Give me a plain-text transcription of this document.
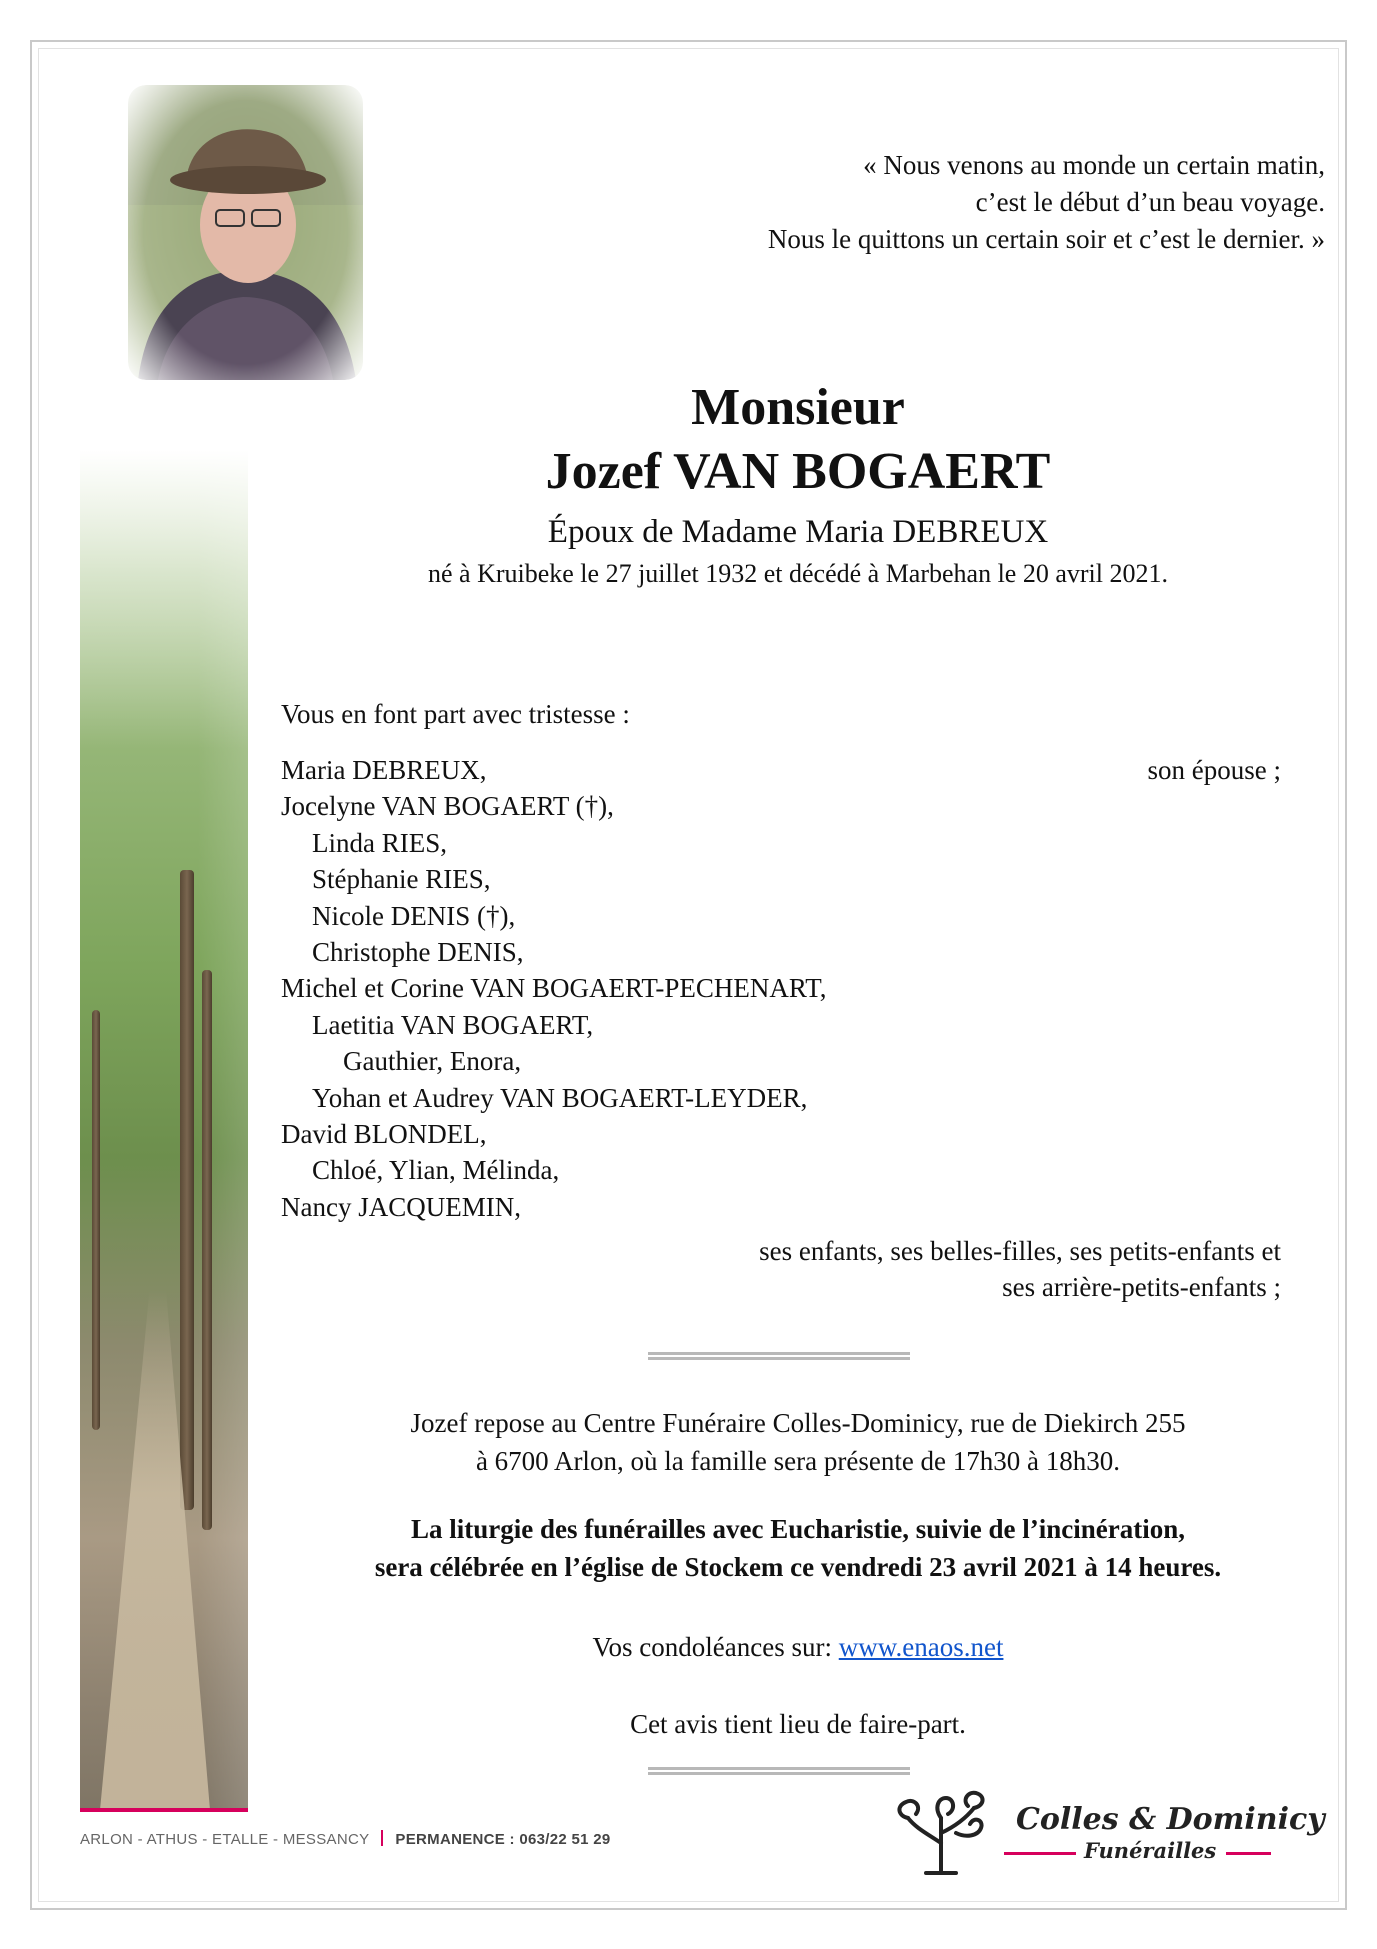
« Nous venons au monde un certain matin,
c’est le début d’un beau voyage.
Nous le quittons un certain soir et c’est le dernier. »
Monsieur
Jozef VAN BOGAERT
Époux de Madame Maria DEBREUX
né à Kruibeke le 27 juillet 1932 et décédé à Marbehan le 20 avril 2021.
Vous en font part avec tristesse :
Maria DEBREUX,	son épouse ;
Jocelyne VAN BOGAERT (†),
Linda RIES,
Stéphanie RIES,
Nicole DENIS (†),
Christophe DENIS,
Michel et Corine VAN BOGAERT-PECHENART,
Laetitia VAN BOGAERT,
Gauthier, Enora,
Yohan et Audrey VAN BOGAERT-LEYDER,
David BLONDEL,
Chloé, Ylian, Mélinda,
Nancy JACQUEMIN,
ses enfants, ses belles-filles, ses petits-enfants et
ses arrière-petits-enfants ;
Jozef repose au Centre Funéraire Colles-Dominicy, rue de Diekirch 255
à 6700 Arlon, où la famille sera présente de 17h30 à 18h30.
La liturgie des funérailles avec Eucharistie, suivie de l’incinération,
sera célébrée en l’église de Stockem ce vendredi 23 avril 2021 à 14 heures.
Vos condoléances sur: www.enaos.net
Cet avis tient lieu de faire-part.
ARLON - ATHUS - ETALLE - MESSANCY PERMANENCE : 063/22 51 29
Colles & Dominicy
Funérailles
